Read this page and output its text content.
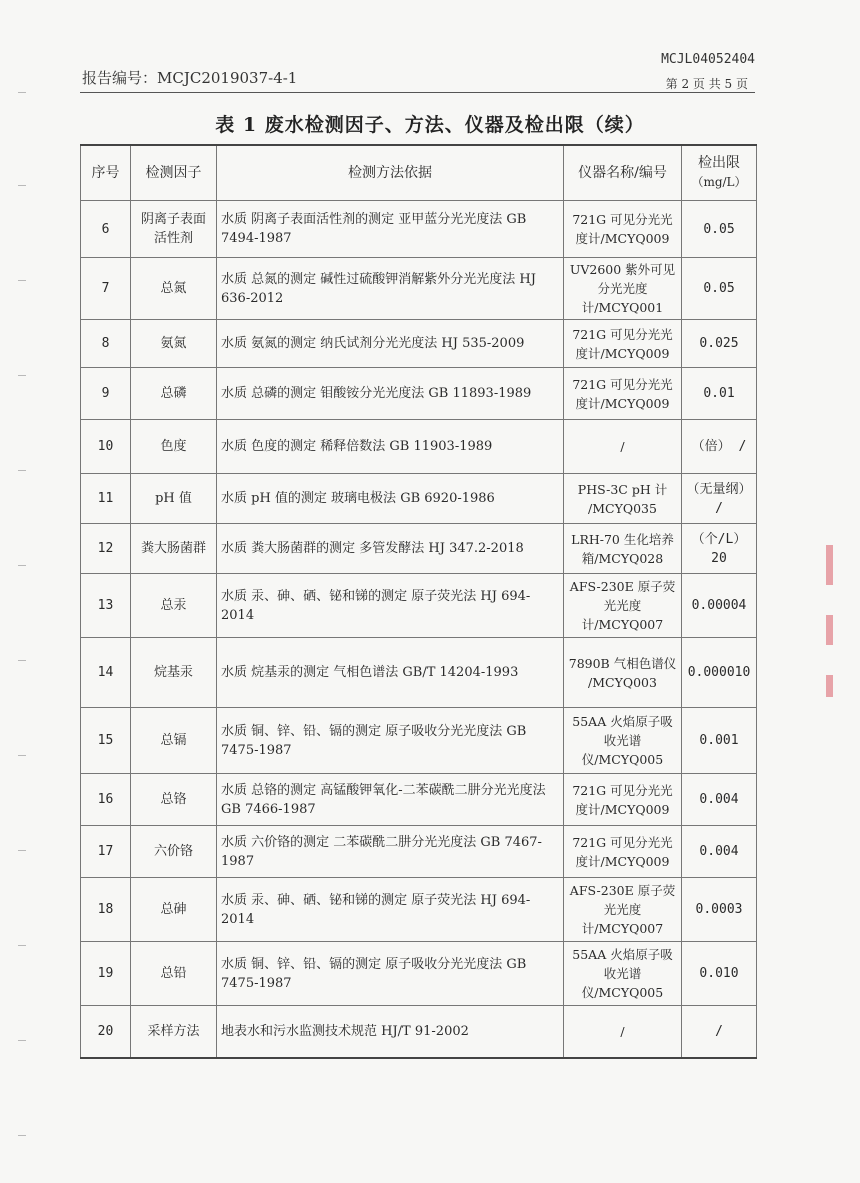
MCJL04052404
报告编号：MCJC2019037-4-1	第 2 页 共 5 页
表 1 废水检测因子、方法、仪器及检出限（续）
序号	检测因子	检测方法依据	仪器名称/编号	检出限
（mg/L）
6	阴离子表面活性剂	水质 阴离子表面活性剂的测定 亚甲蓝分光光度法 GB 7494-1987	721G 可见分光光度计/MCYQ009	0.05
7	总氮	水质 总氮的测定 碱性过硫酸钾消解紫外分光光度法 HJ 636-2012	UV2600 紫外可见分光光度计/MCYQ001	0.05
8	氨氮	水质 氨氮的测定 纳氏试剂分光光度法 HJ 535-2009	721G 可见分光光度计/MCYQ009	0.025
9	总磷	水质 总磷的测定 钼酸铵分光光度法 GB 11893-1989	721G 可见分光光度计/MCYQ009	0.01
10	色度	水质 色度的测定 稀释倍数法 GB 11903-1989	/	（倍） /
11	pH 值	水质 pH 值的测定 玻璃电极法 GB 6920-1986	PHS-3C pH 计 /MCYQ035	（无量纲） /
12	粪大肠菌群	水质 粪大肠菌群的测定 多管发酵法 HJ 347.2-2018	LRH-70 生化培养箱/MCYQ028	（个/L） 20
13	总汞	水质 汞、砷、硒、铋和锑的测定 原子荧光法 HJ 694-2014	AFS-230E 原子荧光光度计/MCYQ007	0.00004
14	烷基汞	水质 烷基汞的测定 气相色谱法 GB/T 14204-1993	7890B 气相色谱仪 /MCYQ003	0.000010
15	总镉	水质 铜、锌、铅、镉的测定 原子吸收分光光度法 GB 7475-1987	55AA 火焰原子吸收光谱仪/MCYQ005	0.001
16	总铬	水质 总铬的测定 高锰酸钾氧化-二苯碳酰二肼分光光度法 GB 7466-1987	721G 可见分光光度计/MCYQ009	0.004
17	六价铬	水质 六价铬的测定 二苯碳酰二肼分光光度法 GB 7467-1987	721G 可见分光光度计/MCYQ009	0.004
18	总砷	水质 汞、砷、硒、铋和锑的测定 原子荧光法 HJ 694-2014	AFS-230E 原子荧光光度计/MCYQ007	0.0003
19	总铅	水质 铜、锌、铅、镉的测定 原子吸收分光光度法 GB 7475-1987	55AA 火焰原子吸收光谱仪/MCYQ005	0.010
20	采样方法	地表水和污水监测技术规范 HJ/T 91-2002	/	/
